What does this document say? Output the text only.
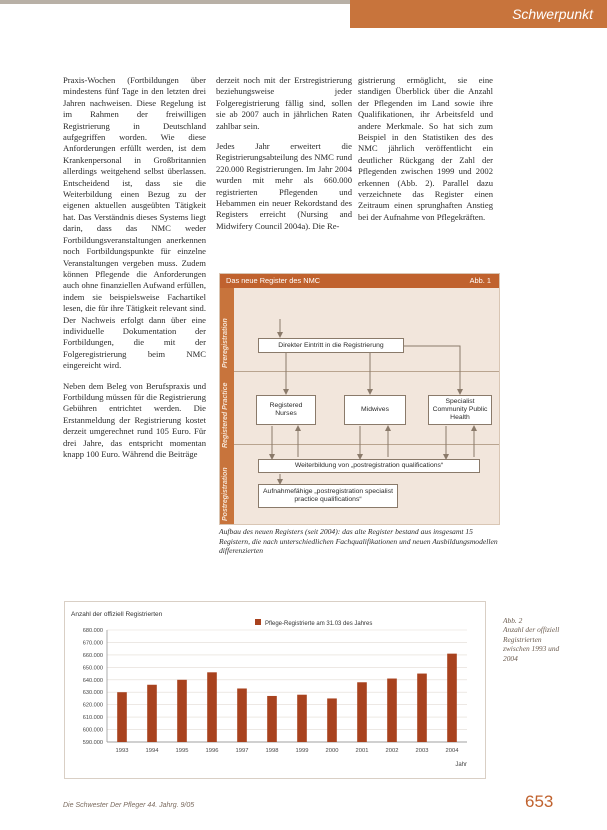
Schwerpunkt

Praxis-Wochen (Fortbildungen über mindestens fünf Tage in den letzten drei Jahren nachweisen. Diese Regelung ist im Rahmen der freiwilligen Registrierung in Deutschland aufgegriffen worden. Wie diese Anforderungen erfüllt werden, ist dem Krankenpersonal in Großbritannien allerdings weitgehend selbst überlassen. Entscheidend ist, dass sie die Weiterbildung einen Bezug zu der eigenen aktuellen ausgeübten Tätigkeit hat. Das Verständnis dieses Systems liegt darin, dass das NMC weder Fortbildungsveranstaltungen anerkennen noch Fortbildungspunkte für einzelne Veranstaltungen vergeben muss. Zudem können Pflegende die Anforderungen auch ohne finanziellen Aufwand erfüllen, indem sie beispielsweise Fachartikel lesen, die für ihre Tätigkeit relevant sind. Der Nachweis erfolgt dann über eine individuelle Dokumentation der Fortbildungen, die mit der Folgeregistrierung beim NMC eingereicht wird.

Neben dem Beleg von Berufspraxis und Fortbildung müssen für die Registrierung Gebühren entrichtet werden. Die Erstanmeldung der Registrierung kostet derzeit umgerechnet rund 105 Euro. Für drei Jahre, das entspricht momentan knapp 100 Euro. Während die Beiträge

derzeit noch mit der Erstregistrierung beziehungsweise jeder Folgeregistrierung fällig sind, sollen sie ab 2007 auch in jährlichen Raten zahlbar sein.

Jedes Jahr erweitert die Registrierungsabteilung des NMC rund 220.000 Registrierungen. Im Jahr 2004 wurden mit mehr als 660.000 registrierten Pflegenden und Hebammen ein neuer Rekordstand des Registers erreicht (Nursing and Midwifery Council 2004a). Die Re-

gistrierung ermöglicht, sie eine standigen Überblick über die Anzahl der Pflegenden im Land sowie ihre Qualifikationen, ihr Arbeitsfeld und andere Merkmale. So hat sich zum Beispiel in den Statistiken des des NMC jährlich veröffentlicht ein deutlicher Rückgang der Zahl der Pflegenden zwischen 1999 und 2002 erkennen (Abb. 2). Parallel dazu verzeichnete das Register einen Zeitraum einen sprunghaften Anstieg bei der Aufnahme von Pflegekräften.

Das neue Register des NMC	Abb. 1
Preregistration
Registered Practice
Postregistration
Direkter Eintritt in die Registrierung
Registered Nurses
Midwives
Specialist Community Public Health
Weiterbildung von „postregistration qualifications“
Aufnahmefähige „postregistration specialist practice qualifications“
Aufbau des neuen Registers (seit 2004): das alte Register bestand aus insgesamt 15 Registern, die nach unterschiedlichen Fachqualifikationen und neuen Ausbildungsmodellen differenzierten
Anzahl der offiziell Registrierten
Pflege-Registrierte am 31.03 des Jahres
590.000
600.000
610.000
620.000
630.000
640.000
650.000
660.000
670.000
680.000
1993	1994	1995	1996	1997	1998	1999	2000	2001	2002	2003	2004
Jahr
Abb. 2
Anzahl der offiziell Registrierten zwischen 1993 und 2004
Die Schwester Der Pfleger 44. Jahrg. 9/05	653
